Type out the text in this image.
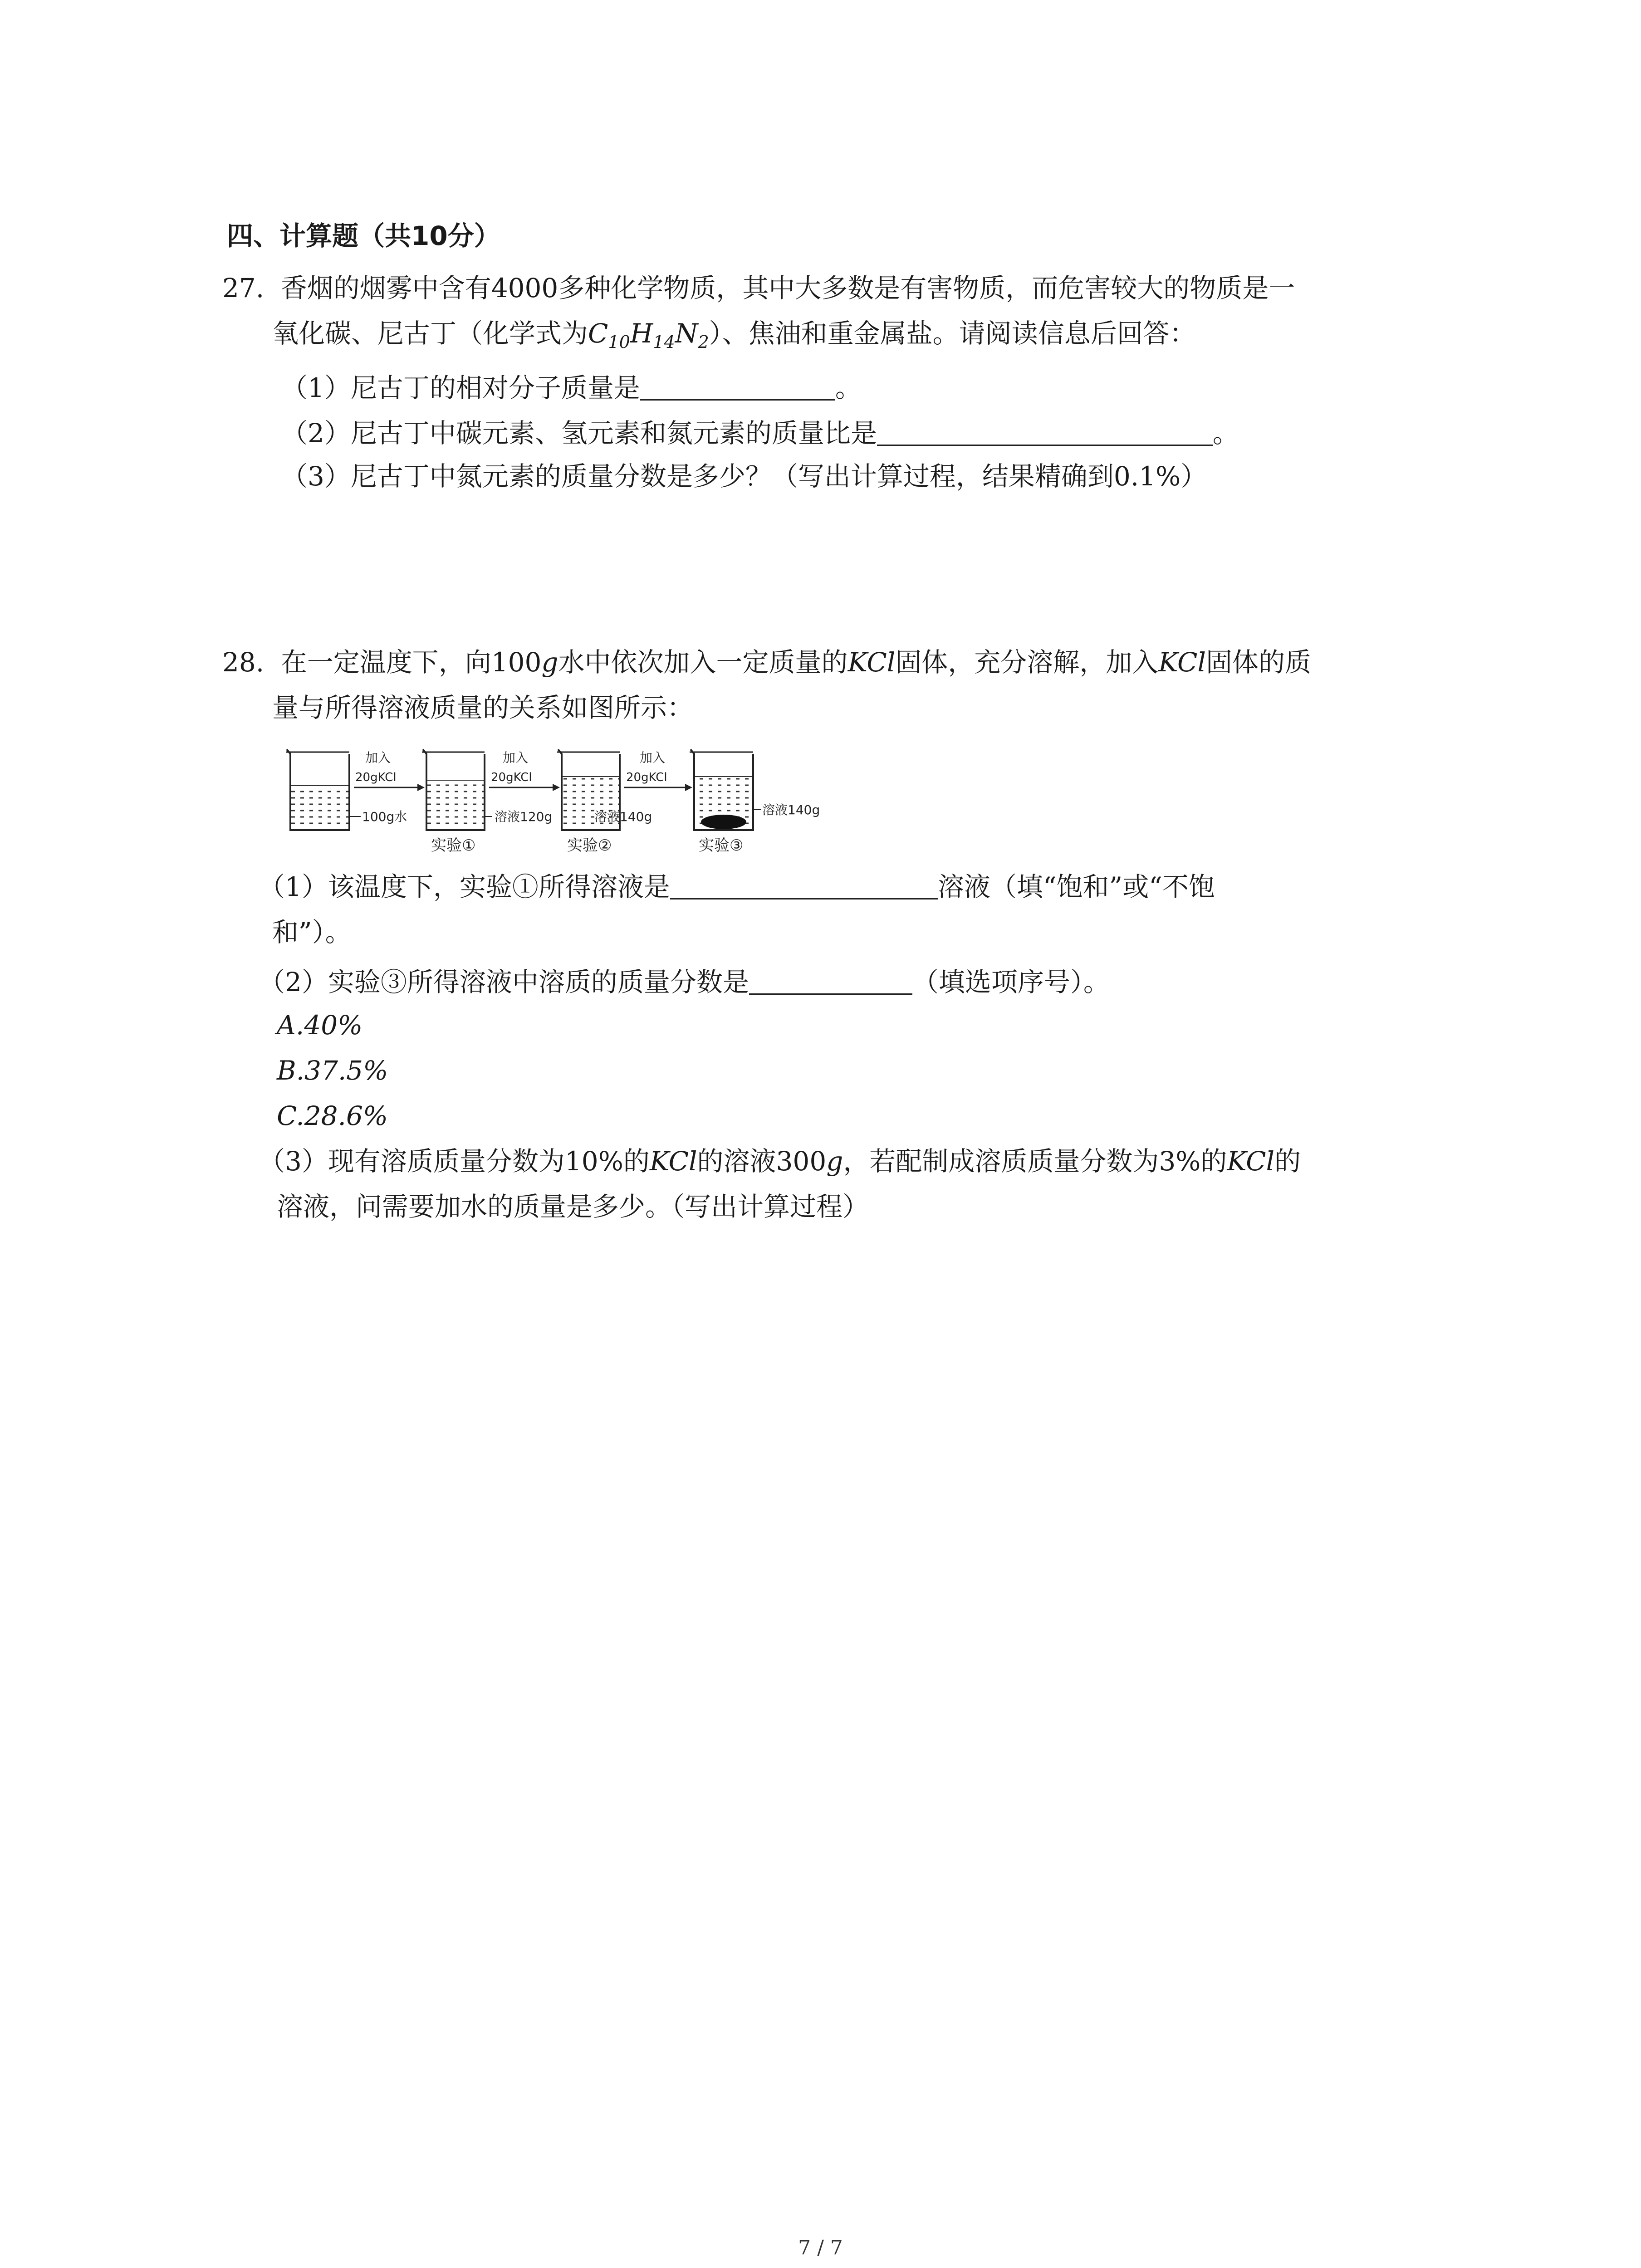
四、计算题（共10分）
27. 香烟的烟雾中含有4000多种化学物质，其中大多数是有害物质，而危害较大的物质是一
氧化碳、尼古丁（化学式为$C_{10}H_{14}N_2$）、焦油和重金属盐。请阅读信息后回答：
（1）尼古丁的相对分子质量是	。
（2）尼古丁中碳元素、氢元素和氮元素的质量比是	。
（3）尼古丁中氮元素的质量分数是多少？（写出计算过程，结果精确到0.1%）
28. 在一定温度下，向100g水中依次加入一定质量的KCl固体，充分溶解，加入KCl固体的质
量与所得溶液质量的关系如图所示：
100g水
加入
20gKCl
溶液120g
实验①
加入
20gKCl
溶液140g
实验②
加入
20gKCl
溶液140g
实验③
（1）该温度下，实验①所得溶液是	溶液（填“饱和”或“不饱
和”）。
（2）实验③所得溶液中溶质的质量分数是	（填选项序号）。
A.40%
B.37.5%
C.28.6%
（3）现有溶质质量分数为10%的KCl的溶液300g，若配制成溶质质量分数为3%的KCl的
溶液，问需要加水的质量是多少。（写出计算过程）
7 / 7
